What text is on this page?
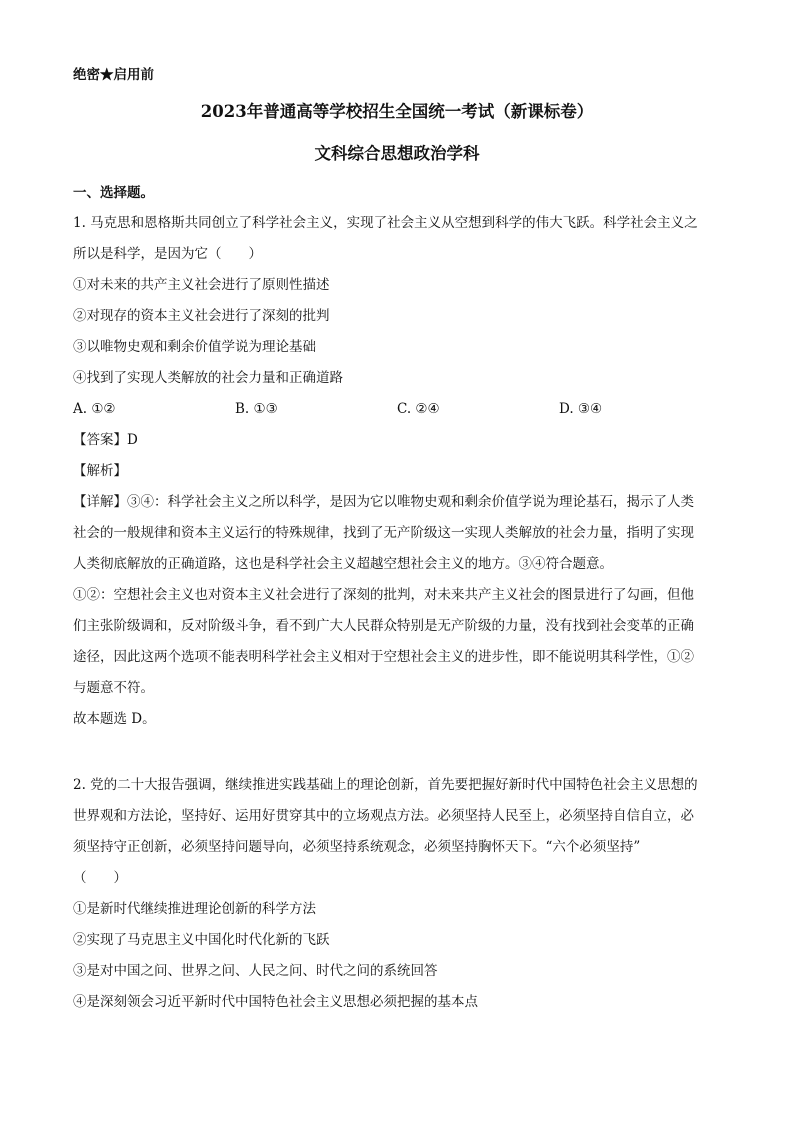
绝密★启用前
2023年普通高等学校招生全国统一考试（新课标卷）
文科综合思想政治学科
一、选择题。
1. 马克思和恩格斯共同创立了科学社会主义，实现了社会主义从空想到科学的伟大飞跃。科学社会主义之
所以是科学，是因为它（　　）
①对未来的共产主义社会进行了原则性描述
②对现存的资本主义社会进行了深刻的批判
③以唯物史观和剩余价值学说为理论基础
④找到了实现人类解放的社会力量和正确道路
A. ①②	B. ①③	C. ②④	D. ③④
【答案】D
【解析】
【详解】③④：科学社会主义之所以科学，是因为它以唯物史观和剩余价值学说为理论基石，揭示了人类
社会的一般规律和资本主义运行的特殊规律，找到了无产阶级这一实现人类解放的社会力量，指明了实现
人类彻底解放的正确道路，这也是科学社会主义超越空想社会主义的地方。③④符合题意。
①②：空想社会主义也对资本主义社会进行了深刻的批判，对未来共产主义社会的图景进行了勾画，但他
们主张阶级调和，反对阶级斗争，看不到广大人民群众特别是无产阶级的力量，没有找到社会变革的正确
途径，因此这两个选项不能表明科学社会主义相对于空想社会主义的进步性，即不能说明其科学性，①②
与题意不符。
故本题选 D。
2. 党的二十大报告强调，继续推进实践基础上的理论创新，首先要把握好新时代中国特色社会主义思想的
世界观和方法论，坚持好、运用好贯穿其中的立场观点方法。必须坚持人民至上，必须坚持自信自立，必
须坚持守正创新，必须坚持问题导向，必须坚持系统观念，必须坚持胸怀天下。“六个必须坚持”
（　　）
①是新时代继续推进理论创新的科学方法
②实现了马克思主义中国化时代化新的飞跃
③是对中国之问、世界之问、人民之问、时代之问的系统回答
④是深刻领会习近平新时代中国特色社会主义思想必须把握的基本点
